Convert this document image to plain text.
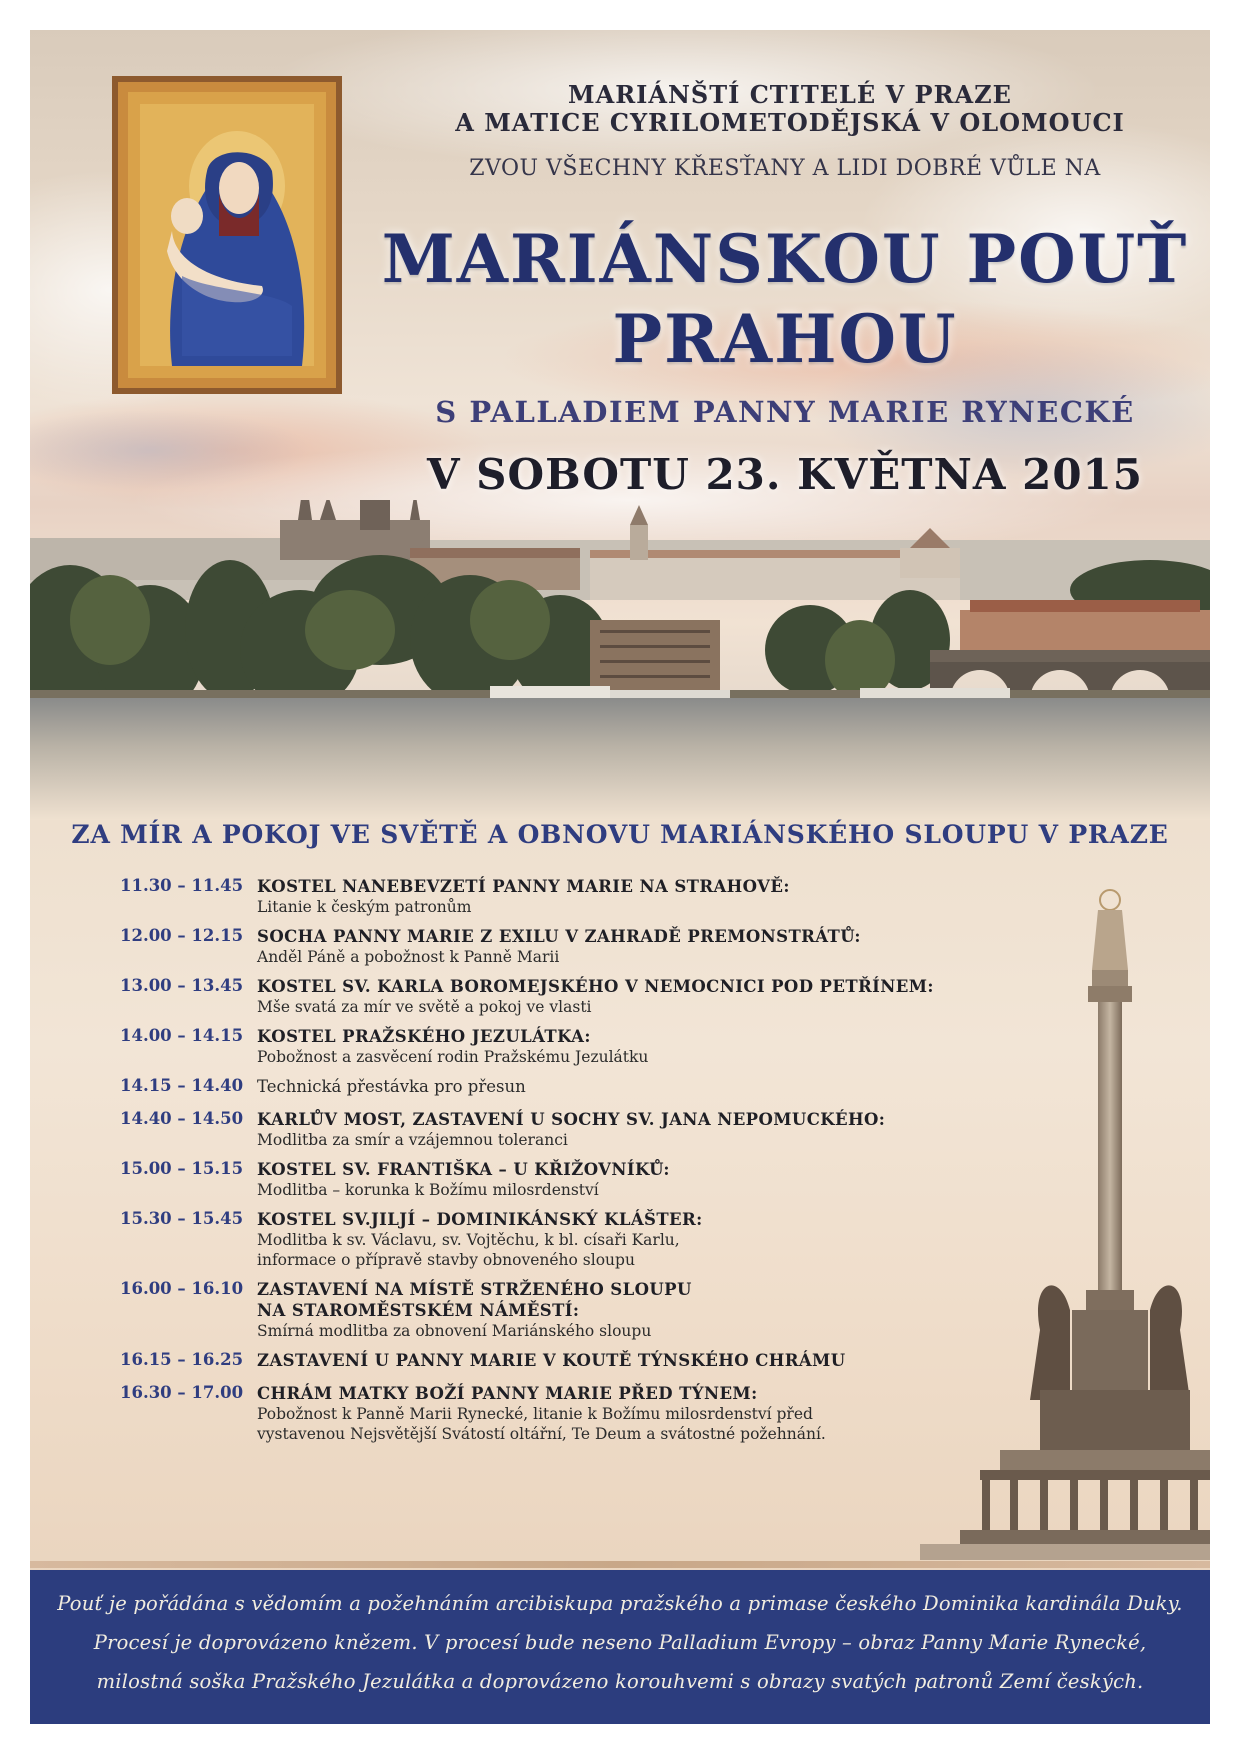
MARIÁNŠTÍ CTITELÉ V PRAZE
A MATICE CYRILOMETODĚJSKÁ V OLOMOUCI
ZVOU VŠECHNY KŘESŤANY A LIDI DOBRÉ VŮLE NA
MARIÁNSKOU POUŤ
PRAHOU
S PALLADIEM PANNY MARIE RYNECKÉ
V SOBOTU 23. KVĚTNA 2015
ZA MÍR A POKOJ VE SVĚTĚ A OBNOVU MARIÁNSKÉHO SLOUPU V PRAZE
11.30 – 11.45 KOSTEL NANEBEVZETÍ PANNY MARIE NA STRAHOVĚ:
Litanie k českým patronům
12.00 – 12.15 SOCHA PANNY MARIE Z EXILU V ZAHRADĚ PREMONSTRÁTŮ:
Anděl Páně a pobožnost k Panně Marii
13.00 – 13.45 KOSTEL SV. KARLA BOROMEJSKÉHO V NEMOCNICI POD PETŘÍNEM:
Mše svatá za mír ve světě a pokoj ve vlasti
14.00 – 14.15 KOSTEL PRAŽSKÉHO JEZULÁTKA:
Pobožnost a zasvěcení rodin Pražskému Jezulátku
14.15 – 14.40 Technická přestávka pro přesun
14.40 – 14.50 KARLŮV MOST, ZASTAVENÍ U SOCHY SV. JANA NEPOMUCKÉHO:
Modlitba za smír a vzájemnou toleranci
15.00 – 15.15 KOSTEL SV. FRANTIŠKA – U KŘIŽOVNÍKŮ:
Modlitba – korunka k Božímu milosrdenství
15.30 – 15.45 KOSTEL SV.JILJÍ – DOMINIKÁNSKÝ KLÁŠTER:
Modlitba k sv. Václavu, sv. Vojtěchu, k bl. císaři Karlu,
informace o přípravě stavby obnoveného sloupu
16.00 – 16.10 ZASTAVENÍ NA MÍSTĚ STRŽENÉHO SLOUPU
NA STAROMĚSTSKÉM NÁMĚSTÍ:
Smírná modlitba za obnovení Mariánského sloupu
16.15 – 16.25 ZASTAVENÍ U PANNY MARIE V KOUTĚ TÝNSKÉHO CHRÁMU
16.30 – 17.00 CHRÁM MATKY BOŽÍ PANNY MARIE PŘED TÝNEM:
Pobožnost k Panně Marii Rynecké, litanie k Božímu milosrdenství před
vystavenou Nejsvětější Svátostí oltářní, Te Deum a svátostné požehnání.
Pouť je pořádána s vědomím a požehnáním arcibiskupa pražského a primase českého Dominika kardinála Duky.
Procesí je doprovázeno knězem. V procesí bude neseno Palladium Evropy – obraz Panny Marie Rynecké,
milostná soška Pražského Jezulátka a doprovázeno korouhvemi s obrazy svatých patronů Zemí českých.
